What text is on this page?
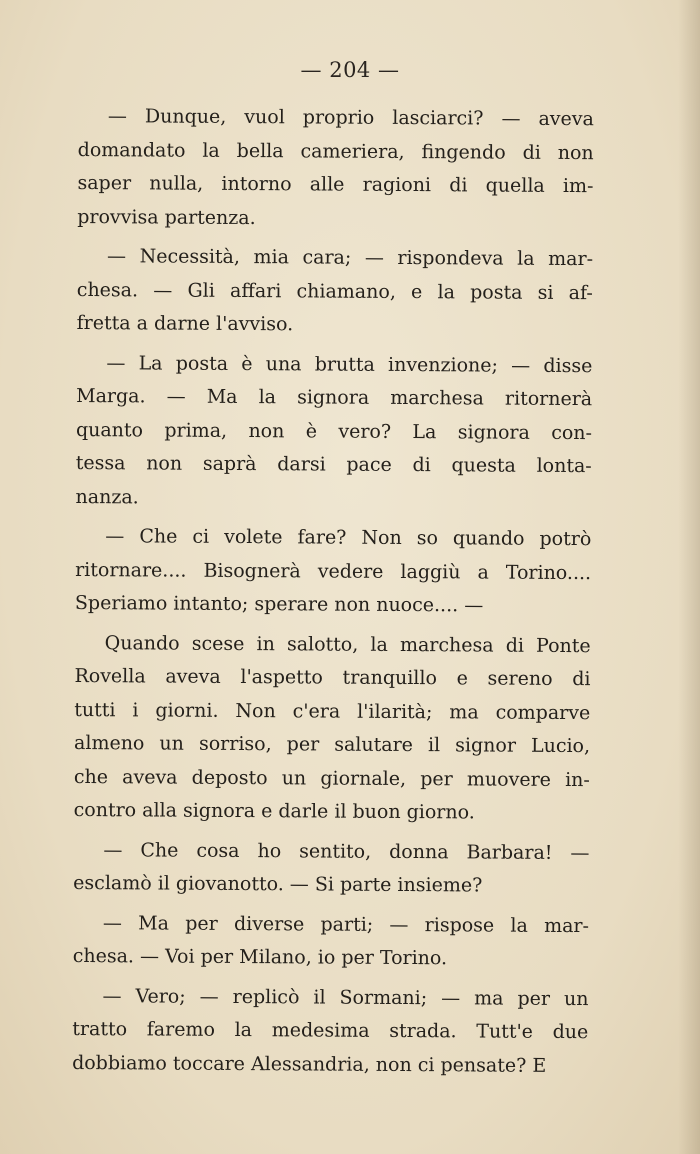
— 204 —
— Dunque, vuol proprio lasciarci? — aveva
domandato la bella cameriera, fingendo di non
saper nulla, intorno alle ragioni di quella im-
provvisa partenza.
— Necessità, mia cara; — rispondeva la mar-
chesa. — Gli affari chiamano, e la posta si af-
fretta a darne l'avviso.
— La posta è una brutta invenzione; — disse
Marga. — Ma la signora marchesa ritornerà
quanto prima, non è vero? La signora con-
tessa non saprà darsi pace di questa lonta-
nanza.
— Che ci volete fare? Non so quando potrò
ritornare.... Bisognerà vedere laggiù a Torino....
Speriamo intanto; sperare non nuoce.... —
Quando scese in salotto, la marchesa di Ponte
Rovella aveva l'aspetto tranquillo e sereno di
tutti i giorni. Non c'era l'ilarità; ma comparve
almeno un sorriso, per salutare il signor Lucio,
che aveva deposto un giornale, per muovere in-
contro alla signora e darle il buon giorno.
— Che cosa ho sentito, donna Barbara! —
esclamò il giovanotto. — Si parte insieme?
— Ma per diverse parti; — rispose la mar-
chesa. — Voi per Milano, io per Torino.
— Vero; — replicò il Sormani; — ma per un
tratto faremo la medesima strada. Tutt'e due
dobbiamo toccare Alessandria, non ci pensate? E
